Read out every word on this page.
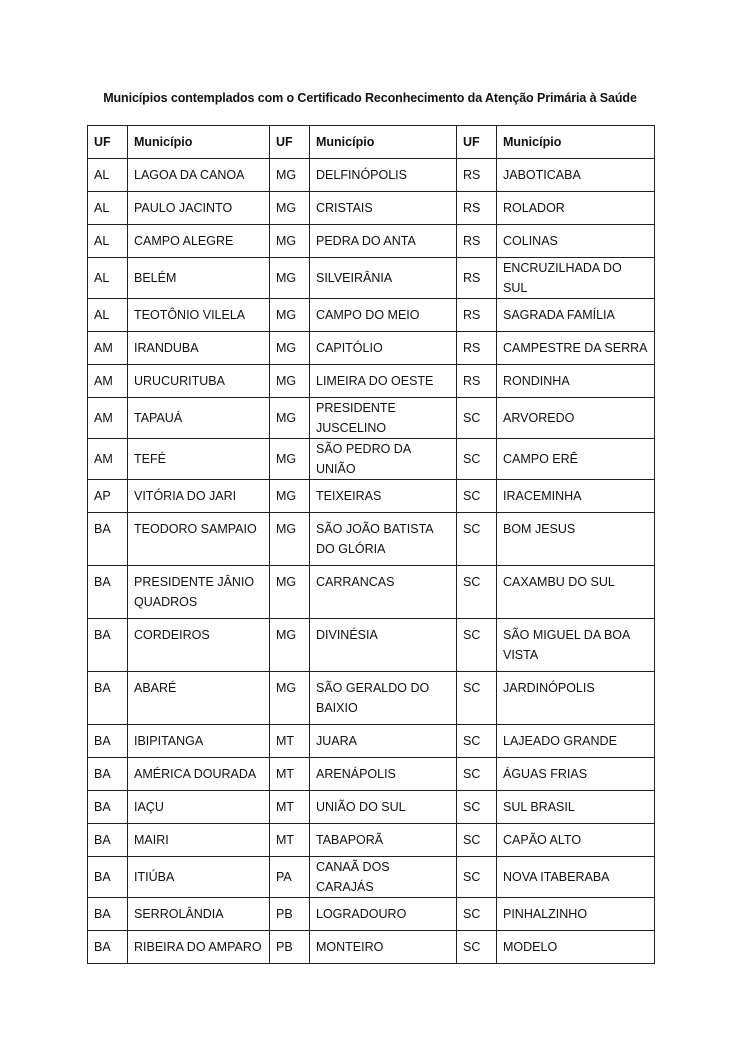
Municípios contemplados com o Certificado Reconhecimento da Atenção Primária à Saúde
UF	Município	UF	Município	UF	Município
AL	LAGOA DA CANOA	MG	DELFINÓPOLIS	RS	JABOTICABA
AL	PAULO JACINTO	MG	CRISTAIS	RS	ROLADOR
AL	CAMPO ALEGRE	MG	PEDRA DO ANTA	RS	COLINAS
AL	BELÉM	MG	SILVEIRÂNIA	RS	ENCRUZILHADA DO SUL
AL	TEOTÔNIO VILELA	MG	CAMPO DO MEIO	RS	SAGRADA FAMÍLIA
AM	IRANDUBA	MG	CAPITÓLIO	RS	CAMPESTRE DA SERRA
AM	URUCURITUBA	MG	LIMEIRA DO OESTE	RS	RONDINHA
AM	TAPAUÁ	MG	PRESIDENTE JUSCELINO	SC	ARVOREDO
AM	TEFÉ	MG	SÃO PEDRO DA UNIÃO	SC	CAMPO ERÊ
AP	VITÓRIA DO JARI	MG	TEIXEIRAS	SC	IRACEMINHA
BA	TEODORO SAMPAIO	MG	SÃO JOÃO BATISTA DO GLÓRIA	SC	BOM JESUS
BA	PRESIDENTE JÂNIO QUADROS	MG	CARRANCAS	SC	CAXAMBU DO SUL
BA	CORDEIROS	MG	DIVINÉSIA	SC	SÃO MIGUEL DA BOA VISTA
BA	ABARÉ	MG	SÃO GERALDO DO BAIXIO	SC	JARDINÓPOLIS
BA	IBIPITANGA	MT	JUARA	SC	LAJEADO GRANDE
BA	AMÉRICA DOURADA	MT	ARENÁPOLIS	SC	ÁGUAS FRIAS
BA	IAÇU	MT	UNIÃO DO SUL	SC	SUL BRASIL
BA	MAIRI	MT	TABAPORÃ	SC	CAPÃO ALTO
BA	ITIÚBA	PA	CANAÃ DOS CARAJÁS	SC	NOVA ITABERABA
BA	SERROLÂNDIA	PB	LOGRADOURO	SC	PINHALZINHO
BA	RIBEIRA DO AMPARO	PB	MONTEIRO	SC	MODELO
